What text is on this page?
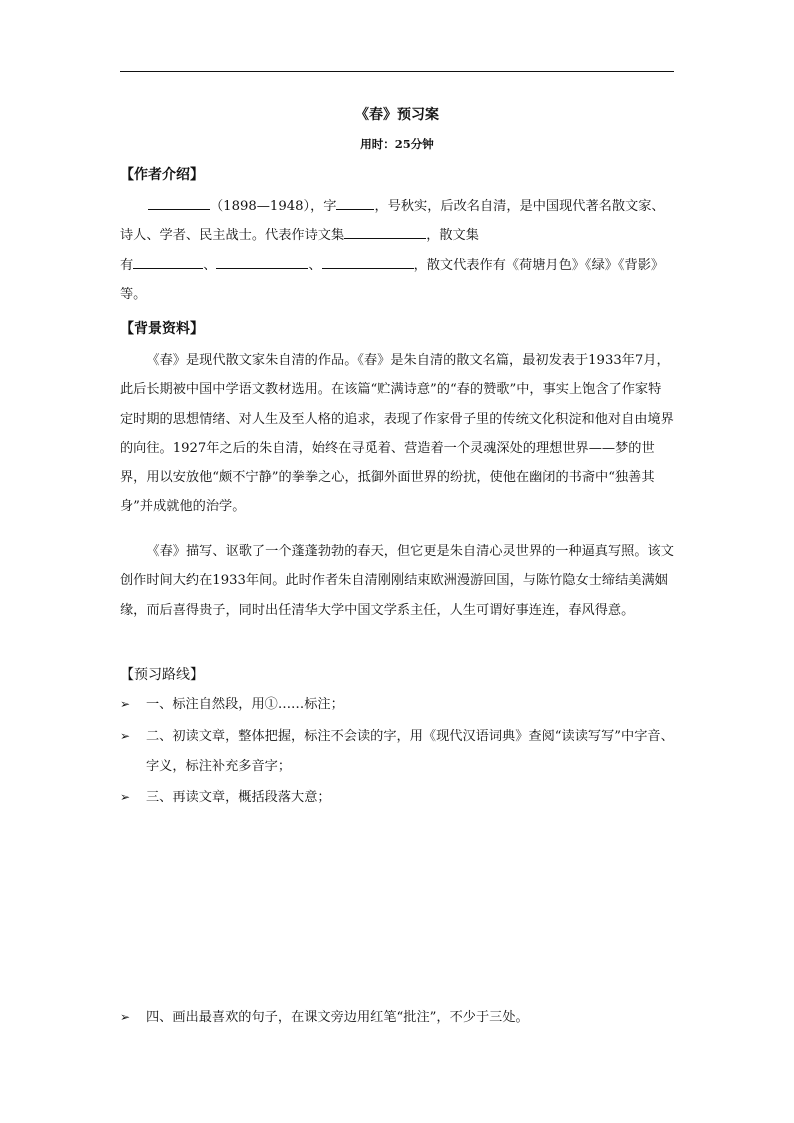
《春》预习案
用时：25分钟
【作者介绍】
（1898—1948），字	，号秋实，后改名自清，是中国现代著名散文家、
诗人、学者、民主战士。代表作诗文集	，散文集
有	、	、	，散文代表作有《荷塘月色》《绿》《背影》
等。
【背景资料】
《春》是现代散文家朱自清的作品。《春》是朱自清的散文名篇，最初发表于1933年7月，此后长期被中国中学语文教材选用。在该篇“贮满诗意”的“春的赞歌”中，事实上饱含了作家特定时期的思想情绪、对人生及至人格的追求，表现了作家骨子里的传统文化积淀和他对自由境界的向往。1927年之后的朱自清，始终在寻觅着、营造着一个灵魂深处的理想世界——梦的世界，用以安放他“颇不宁静”的拳拳之心，抵御外面世界的纷扰，使他在幽闭的书斋中“独善其身”并成就他的治学。
《春》描写、讴歌了一个蓬蓬勃勃的春天，但它更是朱自清心灵世界的一种逼真写照。该文创作时间大约在1933年间。此时作者朱自清刚刚结束欧洲漫游回国，与陈竹隐女士缔结美满姻缘，而后喜得贵子，同时出任清华大学中国文学系主任，人生可谓好事连连，春风得意。
【预习路线】
➢ 一、标注自然段，用①……标注；
➢ 二、初读文章，整体把握，标注不会读的字，用《现代汉语词典》查阅“读读写写”中字音、字义，标注补充多音字；
➢ 三、再读文章，概括段落大意；
➢ 四、画出最喜欢的句子，在课文旁边用红笔“批注”，不少于三处。
